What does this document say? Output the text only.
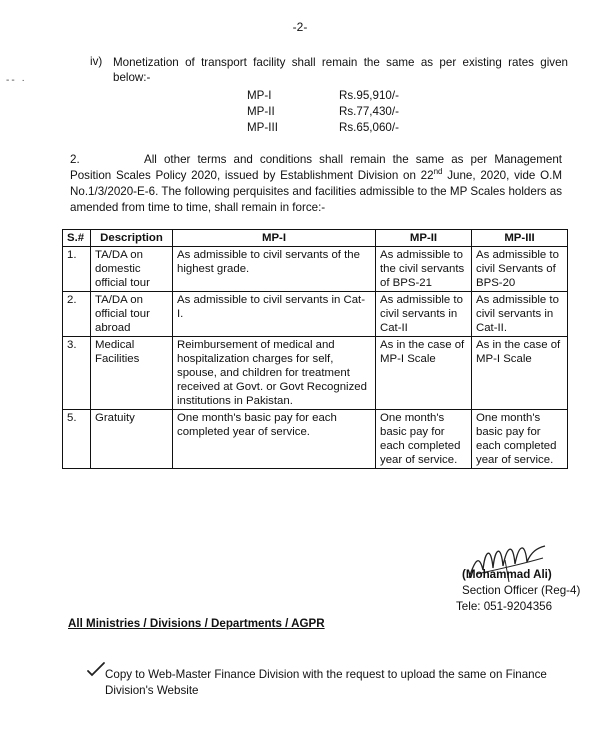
-2-
-- ·
iv) Monetization of transport facility shall remain the same as per existing rates given below:-
MP-I	Rs.95,910/-
MP-II	Rs.77,430/-
MP-III	Rs.65,060/-
2.	All other terms and conditions shall remain the same as per Management Position Scales Policy 2020, issued by Establishment Division on 22nd June, 2020, vide O.M No.1/3/2020-E-6. The following perquisites and facilities admissible to the MP Scales holders as amended from time to time, shall remain in force:-
S.#	Description	MP-I	MP-II	MP-III
1.	TA/DA on domestic official tour	As admissible to civil servants of the highest grade.	As admissible to the civil servants of BPS-21	As admissible to civil Servants of BPS-20
2.	TA/DA on official tour abroad	As admissible to civil servants in Cat-I.	As admissible to civil servants in Cat-II	As admissible to civil servants in Cat-II.
3.	Medical Facilities	Reimbursement of medical and hospitalization charges for self, spouse, and children for treatment received at Govt. or Govt Recognized institutions in Pakistan.	As in the case of MP-I Scale	As in the case of MP-I Scale
5.	Gratuity	One month's basic pay for each completed year of service.	One month's basic pay for each completed year of service.	One month's basic pay for each completed year of service.
(Mohammad Ali)
Section Officer (Reg-4)
Tele: 051-9204356
All Ministries / Divisions / Departments / AGPR
Copy to Web-Master Finance Division with the request to upload the same on Finance Division's Website
